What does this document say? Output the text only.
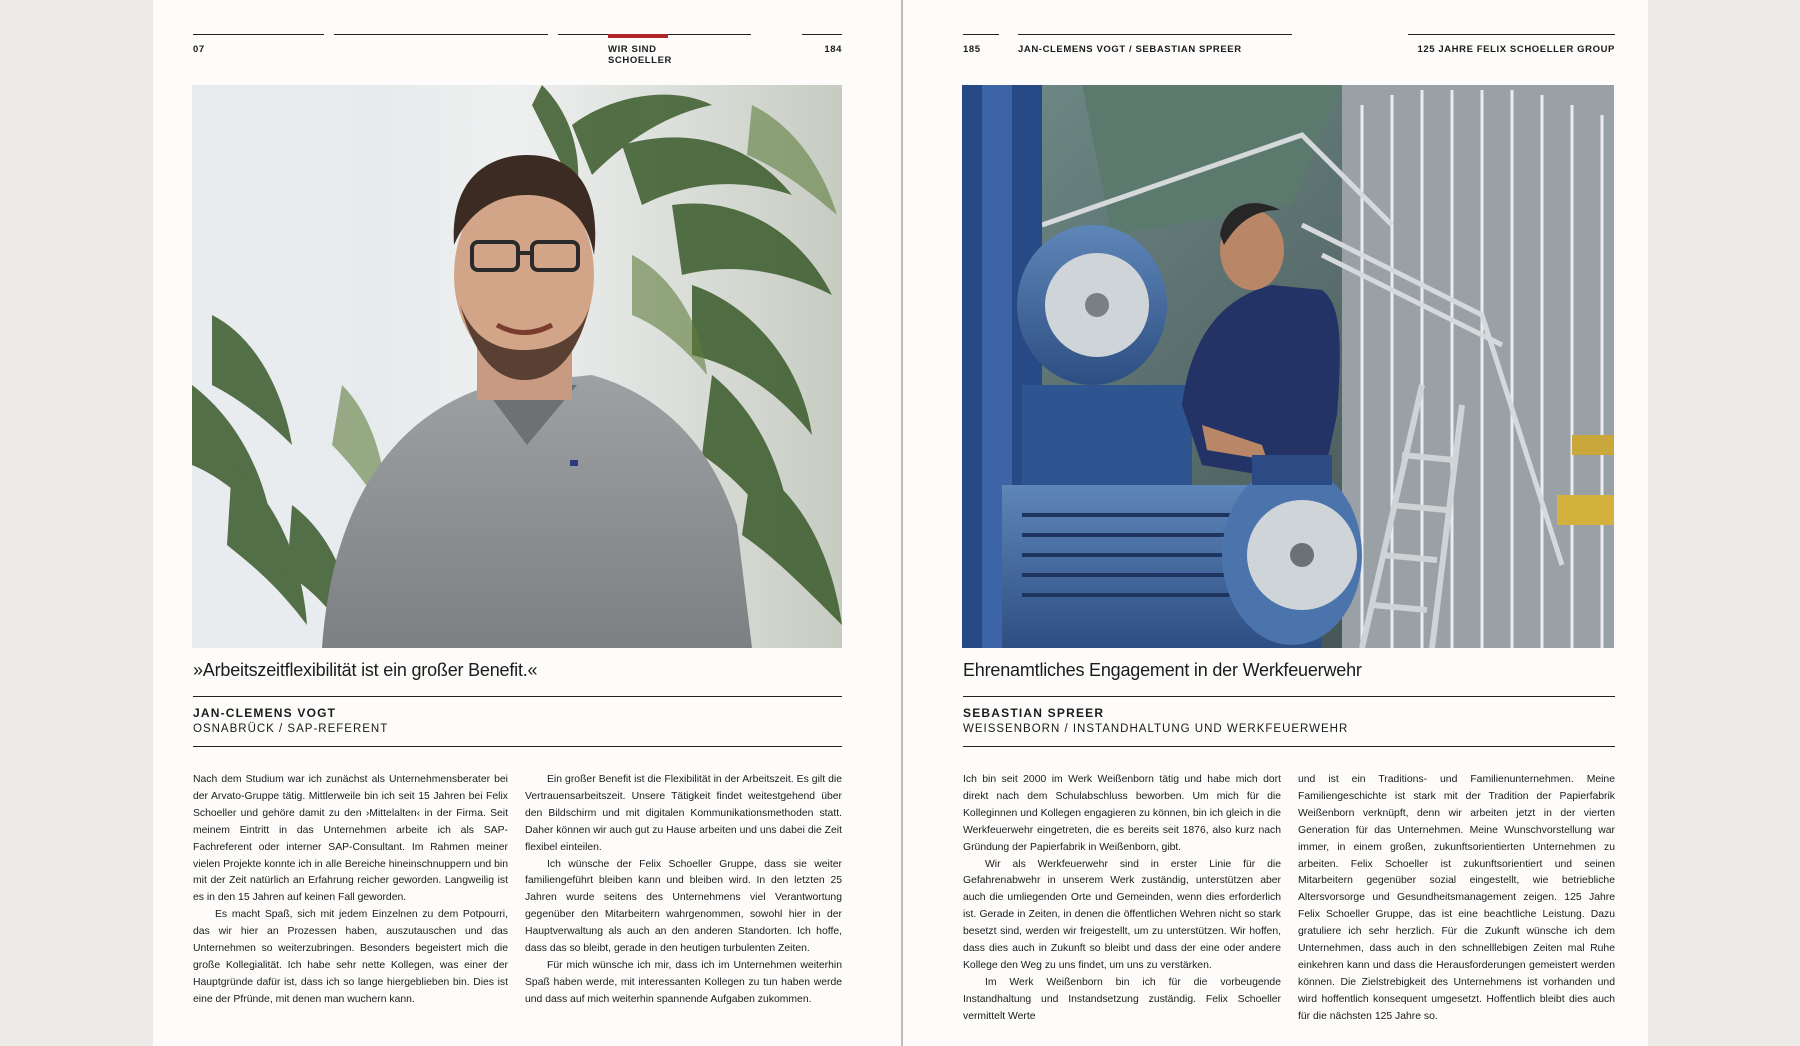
07	WIR SIND SCHOELLER
184
»Arbeitszeitflexibilität ist ein großer Benefit.«
JAN-CLEMENS VOGT
OSNABRÜCK / SAP-REFERENT

Nach dem Studium war ich zunächst als Unternehmensberater bei der Arvato-Gruppe tätig. Mittlerweile bin ich seit 15 Jahren bei Felix Schoeller und gehöre damit zu den ›Mittelalten‹ in der Firma. Seit meinem Eintritt in das Unternehmen arbeite ich als SAP-Fachreferent oder interner SAP-Consultant. Im Rahmen meiner vielen Projekte konnte ich in alle Bereiche hineinschnuppern und bin mit der Zeit natürlich an Erfahrung reicher geworden. Langweilig ist es in den 15 Jahren auf keinen Fall geworden.

Es macht Spaß, sich mit jedem Einzelnen zu dem Potpourri, das wir hier an Prozessen haben, auszutauschen und das Unternehmen so weiterzubringen. Besonders begeistert mich die große Kollegialität. Ich habe sehr nette Kollegen, was einer der Hauptgründe dafür ist, dass ich so lange hiergeblieben bin. Dies ist eine der Pfründe, mit denen man wuchern kann.

Ein großer Benefit ist die Flexibilität in der Arbeitszeit. Es gilt die Vertrauensarbeitszeit. Unsere Tätigkeit findet weitestgehend über den Bildschirm und mit digitalen Kommunikationsmethoden statt. Daher können wir auch gut zu Hause arbeiten und uns dabei die Zeit flexibel einteilen.

Ich wünsche der Felix Schoeller Gruppe, dass sie weiter familiengeführt bleiben kann und bleiben wird. In den letzten 25 Jahren wurde seitens des Unternehmens viel Verantwortung gegenüber den Mitarbeitern wahrgenommen, sowohl hier in der Hauptverwaltung als auch an den anderen Standorten. Ich hoffe, dass das so bleibt, gerade in den heutigen turbulenten Zeiten.

Für mich wünsche ich mir, dass ich im Unternehmen weiterhin Spaß haben werde, mit interessanten Kollegen zu tun haben werde und dass auf mich weiterhin spannende Aufgaben zukommen.

185	JAN-CLEMENS VOGT / SEBASTIAN SPREER	125 JAHRE FELIX SCHOELLER GROUP
Ehrenamtliches Engagement in der Werkfeuerwehr
SEBASTIAN SPREER
WEISSENBORN / INSTANDHALTUNG UND WERKFEUERWEHR

Ich bin seit 2000 im Werk Weißenborn tätig und habe mich dort direkt nach dem Schulabschluss beworben. Um mich für die Kolleginnen und Kollegen engagieren zu können, bin ich gleich in die Werkfeuerwehr eingetreten, die es bereits seit 1876, also kurz nach Gründung der Papierfabrik in Weißenborn, gibt.

Wir als Werkfeuerwehr sind in erster Linie für die Gefahrenabwehr in unserem Werk zuständig, unterstützen aber auch die umliegenden Orte und Gemeinden, wenn dies erforderlich ist. Gerade in Zeiten, in denen die öffentlichen Wehren nicht so stark besetzt sind, werden wir freigestellt, um zu unterstützen. Wir hoffen, dass dies auch in Zukunft so bleibt und dass der eine oder andere Kollege den Weg zu uns findet, um uns zu verstärken.

Im Werk Weißenborn bin ich für die vorbeugende Instandhaltung und Instandsetzung zuständig. Felix Schoeller vermittelt Werte

und ist ein Traditions- und Familienunternehmen. Meine Familiengeschichte ist stark mit der Tradition der Papierfabrik Weißenborn verknüpft, denn wir arbeiten jetzt in der vierten Generation für das Unternehmen. Meine Wunschvorstellung war immer, in einem großen, zukunftsorientierten Unternehmen zu arbeiten. Felix Schoeller ist zukunftsorientiert und seinen Mitarbeitern gegenüber sozial eingestellt, wie betriebliche Altersvorsorge und Gesundheitsmanagement zeigen. 125 Jahre Felix Schoeller Gruppe, das ist eine beachtliche Leistung. Dazu gratuliere ich sehr herzlich. Für die Zukunft wünsche ich dem Unternehmen, dass auch in den schnelllebigen Zeiten mal Ruhe einkehren kann und dass die Herausforderungen gemeistert werden können. Die Zielstrebigkeit des Unternehmens ist vorhanden und wird hoffentlich konsequent umgesetzt. Hoffentlich bleibt dies auch für die nächsten 125 Jahre so.
